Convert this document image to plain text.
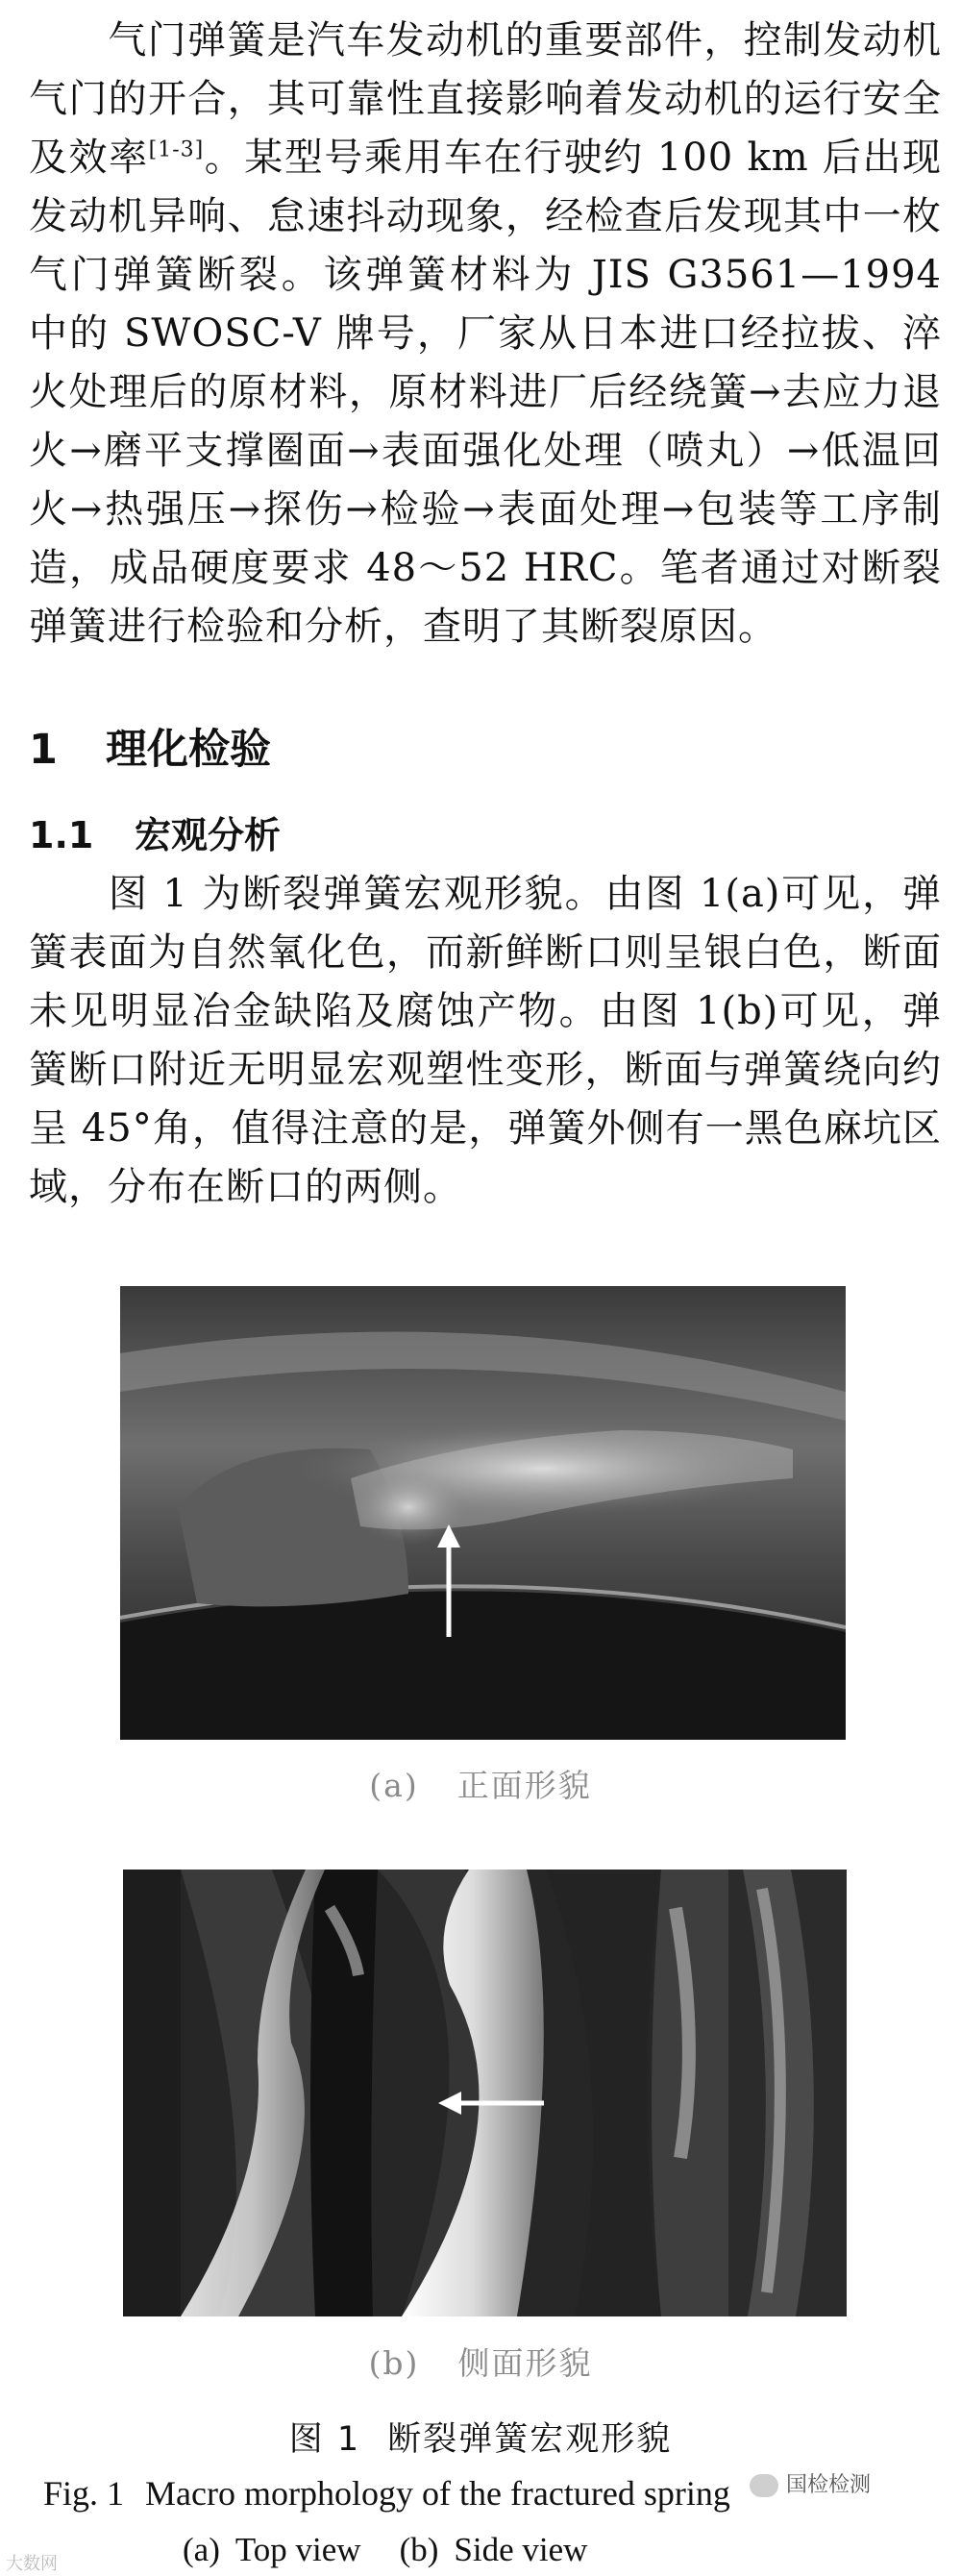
气门弹簧是汽车发动机的重要部件，控制发动机气门的开合，其可靠性直接影响着发动机的运行安全及效率[1-3]。某型号乘用车在行驶约 100 km 后出现发动机异响、怠速抖动现象，经检查后发现其中一枚气门弹簧断裂。该弹簧材料为 JIS G3561—1994 中的 SWOSC-V 牌号，厂家从日本进口经拉拔、淬火处理后的原材料，原材料进厂后经绕簧→去应力退火→磨平支撑圈面→表面强化处理（喷丸）→低温回火→热强压→探伤→检验→表面处理→包装等工序制造，成品硬度要求 48～52 HRC。笔者通过对断裂弹簧进行检验和分析，查明了其断裂原因。

1 理化检验
1.1 宏观分析

图 1 为断裂弹簧宏观形貌。由图 1(a)可见，弹簧表面为自然氧化色，而新鲜断口则呈银白色，断面未见明显冶金缺陷及腐蚀产物。由图 1(b)可见，弹簧断口附近无明显宏观塑性变形，断面与弹簧绕向约呈 45°角，值得注意的是，弹簧外侧有一黑色麻坑区域，分布在断口的两侧。

(a) 正面形貌
(b) 侧面形貌
图 1 断裂弹簧宏观形貌
Fig. 1 Macro morphology of the fractured spring
(a) Top view (b) Side view
国检检测
大数网
